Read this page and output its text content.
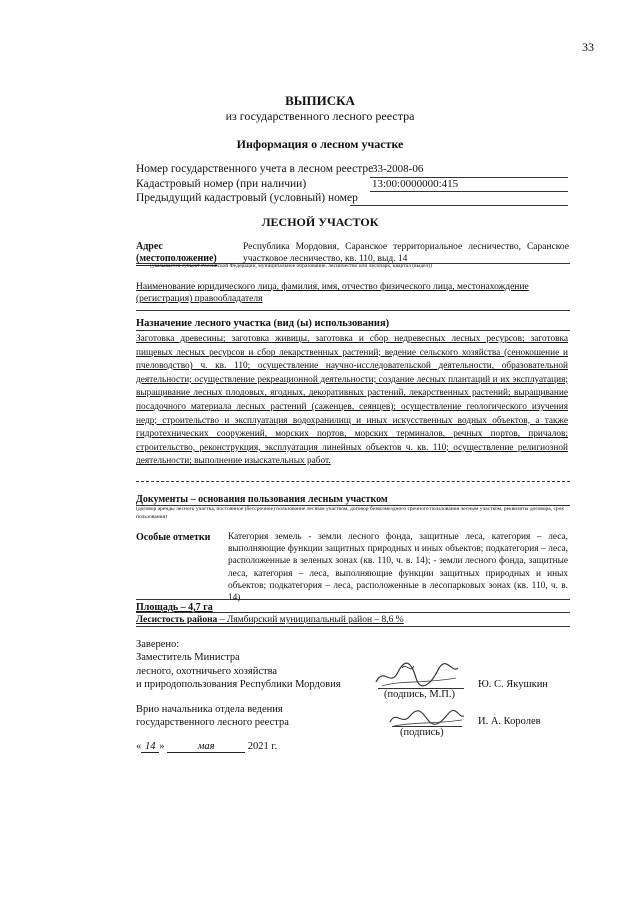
33
ВЫПИСКА
из государственного лесного реестра
Информация о лесном участке
Номер государственного учета в лесном реестре
33-2008-06
Кадастровый номер (при наличии)	13:00:0000000:415
Предыдущий кадастровый (условный) номер
ЛЕСНОЙ УЧАСТОК
Адрес
(местоположение)
Республика Мордовия, Саранское территориальное лесничество, Саранское участковое лесничество, кв. 110, выд. 14
(указывается субъект Российской Федерации, муниципальное образование, лесничество или лесопарк, квартал (выдел))
Наименование юридического лица, фамилия, имя, отчество физического лица, местонахождение (регистрация) правообладателя
Назначение лесного участка (вид (ы) использования)
Заготовка древесины; заготовка живицы, заготовка и сбор недревесных лесных ресурсов; заготовка пищевых лесных ресурсов и сбор лекарственных растений; ведение сельского хозяйства (сенокошение и пчеловодство) ч. кв. 110; осуществление научно-исследовательской деятельности, образовательной деятельности; осуществление рекреационной деятельности; создание лесных плантаций и их эксплуатация; выращивание лесных плодовых, ягодных, декоративных растений, лекарственных растений; выращивание посадочного материала лесных растений (саженцев, сеянцев); осуществление геологического изучения недр; строительство и эксплуатация водохранилищ и иных искусственных водных объектов, а также гидротехнических сооружений, морских портов, морских терминалов, речных портов, причалов; строительство, реконструкция, эксплуатация линейных объектов ч. кв. 110; осуществление религиозной деятельности; выполнение изыскательных работ.
Документы – основания пользования лесным участком
(договор аренды лесного участка, постоянное (бессрочное) пользование лесным участком, договор безвозмездного срочного пользования лесным участком, реквизиты договора, срок пользования)
Особые отметки Категория земель - земли лесного фонда, защитные леса, категория – леса, выполняющие функции защитных природных и иных объектов; подкатегория – леса, расположенные в зеленых зонах (кв. 110, ч. в. 14); - земли лесного фонда, защитные леса, категория – леса, выполняющие функции защитных природных и иных объектов; подкатегория – леса, расположенные в лесопарковых зонах (кв. 110, ч. в. 14).
Площадь – 4,7 га
Лесистость района – Лямбирский муниципальный район – 8,6 %
Заверено:
Заместитель Министра
лесного, охотничьего хозяйства
и природопользования Республики Мордовия
(подпись, М.П.)
Ю. С. Якушкин
Врио начальника отдела ведения
государственного лесного реестра
(подпись)
И. А. Королев
« 14 »	мая	2021 г.
